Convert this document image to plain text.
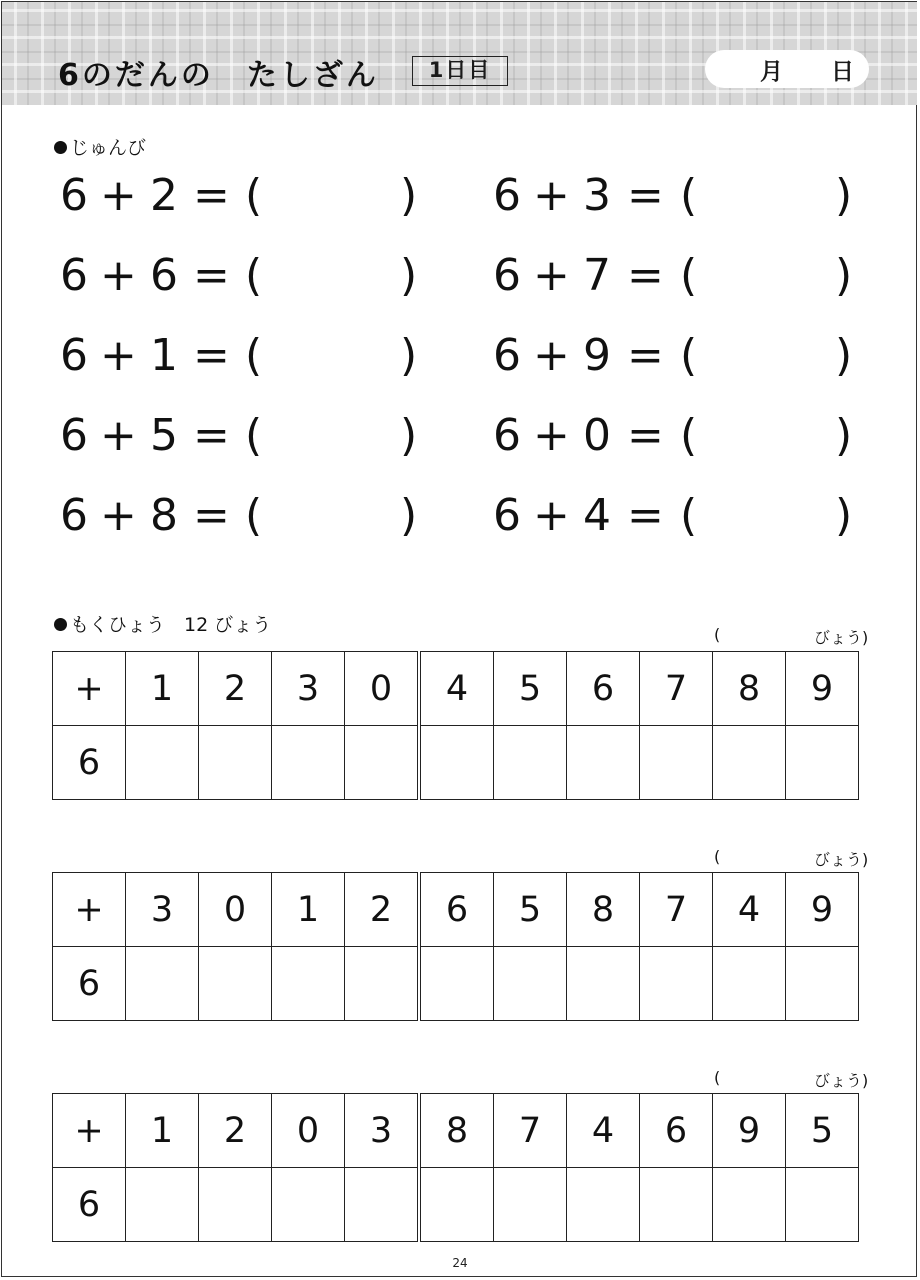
6のだんの　たしざん	1日目	月 日
じゅんび
6 + 2 = (	) 6 + 3 = (	)
6 + 6 = (	) 6 + 7 = (	)
6 + 1 = (	) 6 + 9 = (	)
6 + 5 = (	) 6 + 0 = (	)
6 + 8 = (	) 6 + 4 = (	)
もくひょう　12 びょう	(	びょう)
+	1	2	3	0	4	5	6	7	8	9
6										
(	びょう)
+	3	0	1	2	6	5	8	7	4	9
6										
(	びょう)
+	1	2	0	3	8	7	4	6	9	5
6										
24
